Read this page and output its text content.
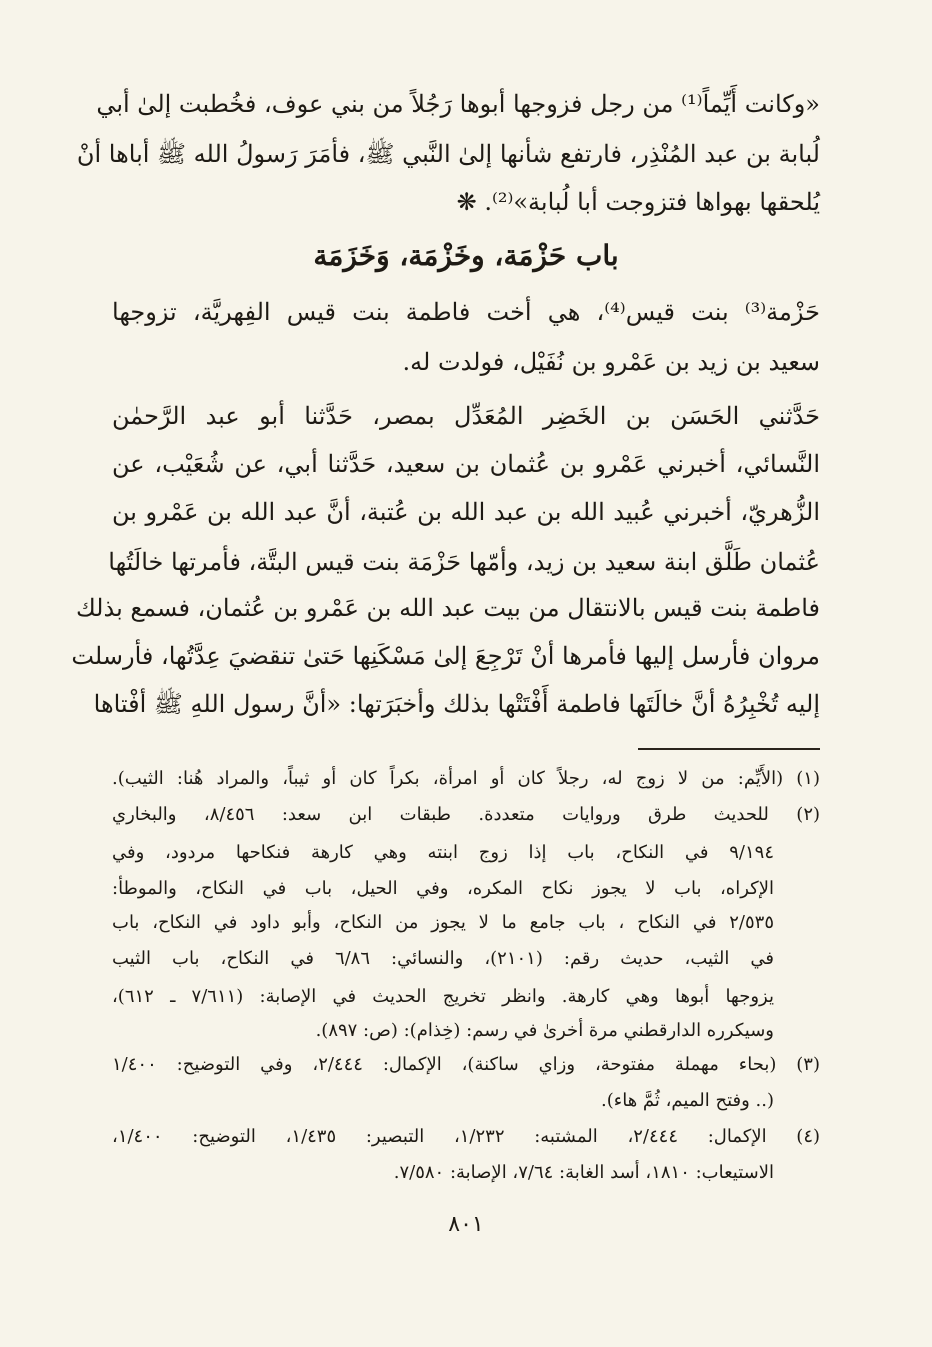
«وكانت أَيِّماً⁽¹⁾ من رجل فزوجها أبوها رَجُلاً من بني عوف، فخُطبت إلىٰ أبي
لُبابة بن عبد المُنْذِر، فارتفع شأنها إلىٰ النَّبي ﷺ، فأمَرَ رَسولُ الله ﷺ أباها أنْ
يُلحقها بهواها فتزوجت أبا لُبابة»⁽²⁾. ❋
باب حَزْمَة، وخَزْمَة، وَخَزَمَة
حَزْمة⁽³⁾ بنت قيس⁽⁴⁾، هي أخت فاطمة بنت قيس الفِهريَّة، تزوجها
سعيد بن زيد بن عَمْرو بن نُفَيْل، فولدت له.
حَدَّثني الحَسَن بن الخَضِر المُعَدِّل بمصر، حَدَّثنا أبو عبد الرَّحمٰن
النَّسائي، أخبرني عَمْرو بن عُثمان بن سعيد، حَدَّثنا أبي، عن شُعَيْب، عن
الزُّهريّ، أخبرني عُبيد الله بن عبد الله بن عُتبة، أنَّ عبد الله بن عَمْرو بن
عُثمان طَلَّق ابنة سعيد بن زيد، وأمّها حَزْمَة بنت قيس البتَّة، فأمرتها خالَتُها
فاطمة بنت قيس بالانتقال من بيت عبد الله بن عَمْرو بن عُثمان، فسمع بذلك
مروان فأرسل إليها فأمرها أنْ تَرْجِعَ إلىٰ مَسْكَنِها حَتىٰ تنقضيَ عِدَّتُها، فأرسلت
إليه تُخْبِرُهُ أنَّ خالَتَها فاطمة أَفْتَتْها بذلك وأخبَرَتها: «أنَّ رسول اللهِ ﷺ أفْتاها
(١) (الأَيِّم: من لا زوج له، رجلاً كان أو امرأة، بكراً كان أو ثيباً، والمراد هُنا: الثيب).
(٢) للحديث طرق وروايات متعددة. طبقات ابن سعد: ٨/٤٥٦، والبخاري
٩/١٩٤ في النكاح، باب إذا زوج ابنته وهي كارهة فنكاحها مردود، وفي
الإكراه، باب لا يجوز نكاح المكره، وفي الحيل، باب في النكاح، والموطأ:
٢/٥٣٥ في النكاح ، باب جامع ما لا يجوز من النكاح، وأبو داود في النكاح، باب
في الثيب، حديث رقم: (٢١٠١)، والنسائي: ٦/٨٦ في النكاح، باب الثيب
يزوجها أبوها وهي كارهة. وانظر تخريج الحديث في الإصابة: (٧/٦١١ ـ ٦١٢)،
وسيكرره الدارقطني مرة أخرىٰ في رسم: (خِذام): (ص: ٨٩٧).
(٣) (بحاء مهملة مفتوحة، وزاي ساكنة)، الإكمال: ٢/٤٤٤، وفي التوضيح: ١/٤٠٠
(.. وفتح الميم، ثُمَّ هاء).
(٤) الإكمال: ٢/٤٤٤، المشتبه: ١/٢٣٢، التبصير: ١/٤٣٥، التوضيح: ١/٤٠٠،
الاستيعاب: ١٨١٠، أسد الغابة: ٧/٦٤، الإصابة: ٧/٥٨٠.
٨٠١
